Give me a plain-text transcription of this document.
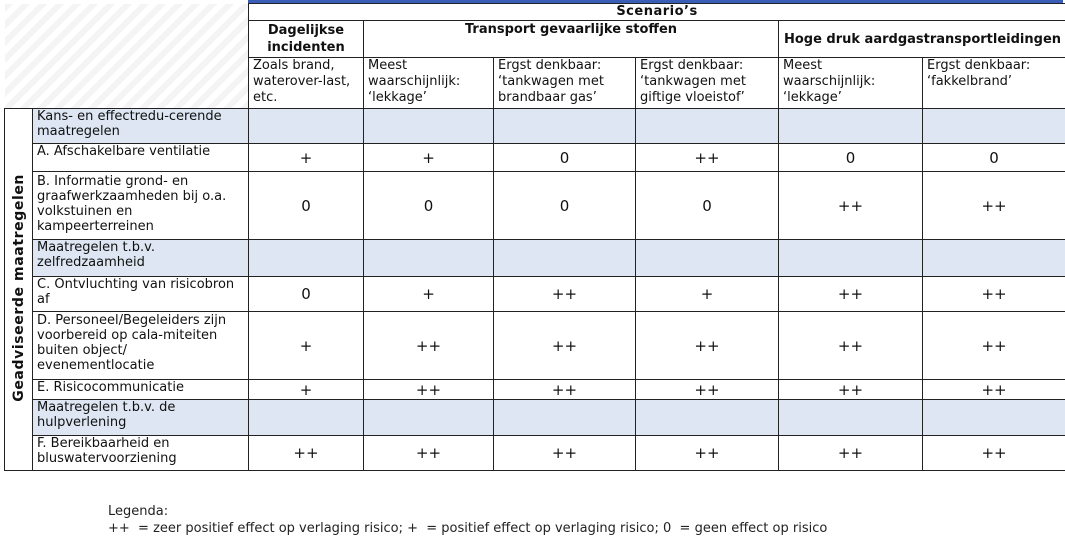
		Scenario’s					
		Dagelijkse incidenten	Transport gevaarlijke stoffen			Hoge druk aardgastransportleidingen	
		Zoals brand, waterover-last, etc.	Meest waarschijnlijk: ‘lekkage’	Ergst denkbaar: ‘tankwagen met brandbaar gas’	Ergst denkbaar: ‘tankwagen met giftige vloeistof’	Meest waarschijnlijk: ‘lekkage’	Ergst denkbaar: ‘fakkelbrand’
Geadviseerde maatregelen	Kans- en effectredu-cerende maatregelen						
	A. Afschakelbare ventilatie	+	+	0	++	0	0
	B. Informatie grond- en graafwerkzaamheden bij o.a. volkstuinen en kampeerterreinen	0	0	0	0	++	++
	Maatregelen t.b.v. zelfredzaamheid						
	C. Ontvluchting van risicobron af	0	+	++	+	++	++
	D. Personeel/Begeleiders zijn voorbereid op cala-miteiten buiten object/ evenementlocatie	+	++	++	++	++	++
	E. Risicocommunicatie	+	++	++	++	++	++
	Maatregelen t.b.v. de hulpverlening						
	F. Bereikbaarheid en bluswatervoorziening	++	++	++	++	++	++
Legenda:
++  = zeer positief effect op verlaging risico; +  = positief effect op verlaging risico; 0  = geen effect op risico
